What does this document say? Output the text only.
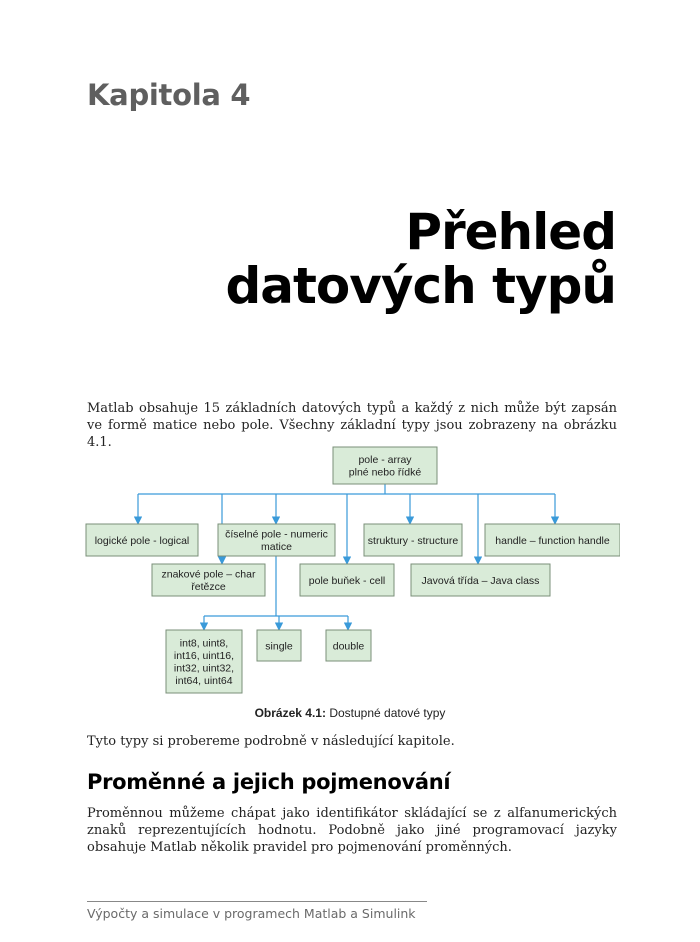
Kapitola 4
Přehled
datových typů
Matlab obsahuje 15 základních datových typů a každý z nich může být zapsán ve formě matice nebo pole. Všechny základní typy jsou zobrazeny na obrázku 4.1.
pole - array
plné nebo řídké
logické pole - logical
číselné pole - numeric
matice
znakové pole – char
řetězce
pole buňek - cell
struktury - structure
Javová třída – Java class
handle – function handle
int8, uint8,
int16, uint16,
int32, uint32,
int64, uint64
single	double
Obrázek 4.1: Dostupné datové typy
Tyto typy si probereme podrobně v následující kapitole.
Proměnné a jejich pojmenování
Proměnnou můžeme chápat jako identifikátor skládající se z alfanumerických znaků reprezentujících hodnotu. Podobně jako jiné programovací jazyky obsahuje Matlab několik pravidel pro pojmenování proměnných.
Výpočty a simulace v programech Matlab a Simulink
